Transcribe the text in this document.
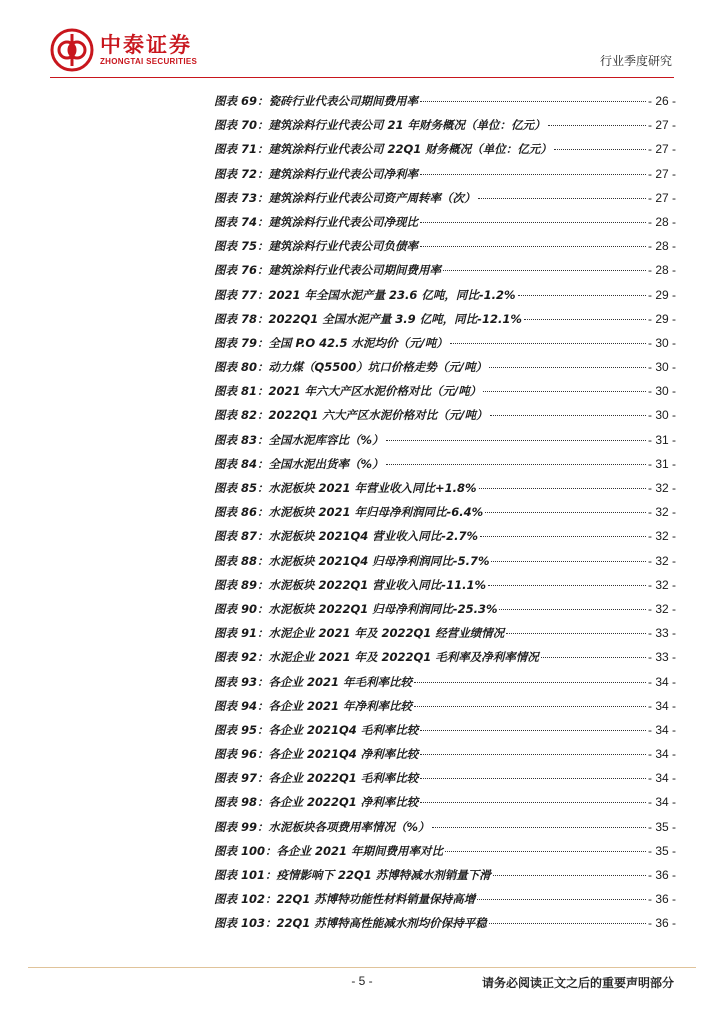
中泰证券
ZHONGTAI SECURITIES	行业季度研究
图表 69：瓷砖行业代表公司期间费用率	- 26 -
图表 70：建筑涂料行业代表公司 21 年财务概况（单位：亿元）	- 27 -
图表 71：建筑涂料行业代表公司 22Q1 财务概况（单位：亿元）	- 27 -
图表 72：建筑涂料行业代表公司净利率	- 27 -
图表 73：建筑涂料行业代表公司资产周转率（次）	- 27 -
图表 74：建筑涂料行业代表公司净现比	- 28 -
图表 75：建筑涂料行业代表公司负债率	- 28 -
图表 76：建筑涂料行业代表公司期间费用率	- 28 -
图表 77：2021 年全国水泥产量 23.6 亿吨，同比-1.2%	- 29 -
图表 78：2022Q1 全国水泥产量 3.9 亿吨，同比-12.1%	- 29 -
图表 79：全国 P.O 42.5 水泥均价（元/吨）	- 30 -
图表 80：动力煤（Q5500）坑口价格走势（元/吨）	- 30 -
图表 81：2021 年六大产区水泥价格对比（元/吨）	- 30 -
图表 82：2022Q1 六大产区水泥价格对比（元/吨）	- 30 -
图表 83：全国水泥库容比（%）	- 31 -
图表 84：全国水泥出货率（%）	- 31 -
图表 85：水泥板块 2021 年营业收入同比+1.8%	- 32 -
图表 86：水泥板块 2021 年归母净利润同比-6.4%	- 32 -
图表 87：水泥板块 2021Q4 营业收入同比-2.7%	- 32 -
图表 88：水泥板块 2021Q4 归母净利润同比-5.7%	- 32 -
图表 89：水泥板块 2022Q1 营业收入同比-11.1%	- 32 -
图表 90：水泥板块 2022Q1 归母净利润同比-25.3%	- 32 -
图表 91：水泥企业 2021 年及 2022Q1 经营业绩情况	- 33 -
图表 92：水泥企业 2021 年及 2022Q1 毛利率及净利率情况	- 33 -
图表 93：各企业 2021 年毛利率比较	- 34 -
图表 94：各企业 2021 年净利率比较	- 34 -
图表 95：各企业 2021Q4 毛利率比较	- 34 -
图表 96：各企业 2021Q4 净利率比较	- 34 -
图表 97：各企业 2022Q1 毛利率比较	- 34 -
图表 98：各企业 2022Q1 净利率比较	- 34 -
图表 99：水泥板块各项费用率情况（%）	- 35 -
图表 100：各企业 2021 年期间费用率对比	- 35 -
图表 101：疫情影响下 22Q1 苏博特减水剂销量下滑	- 36 -
图表 102：22Q1 苏博特功能性材料销量保持高增	- 36 -
图表 103：22Q1 苏博特高性能减水剂均价保持平稳	- 36 -
- 5 -	请务必阅读正文之后的重要声明部分
